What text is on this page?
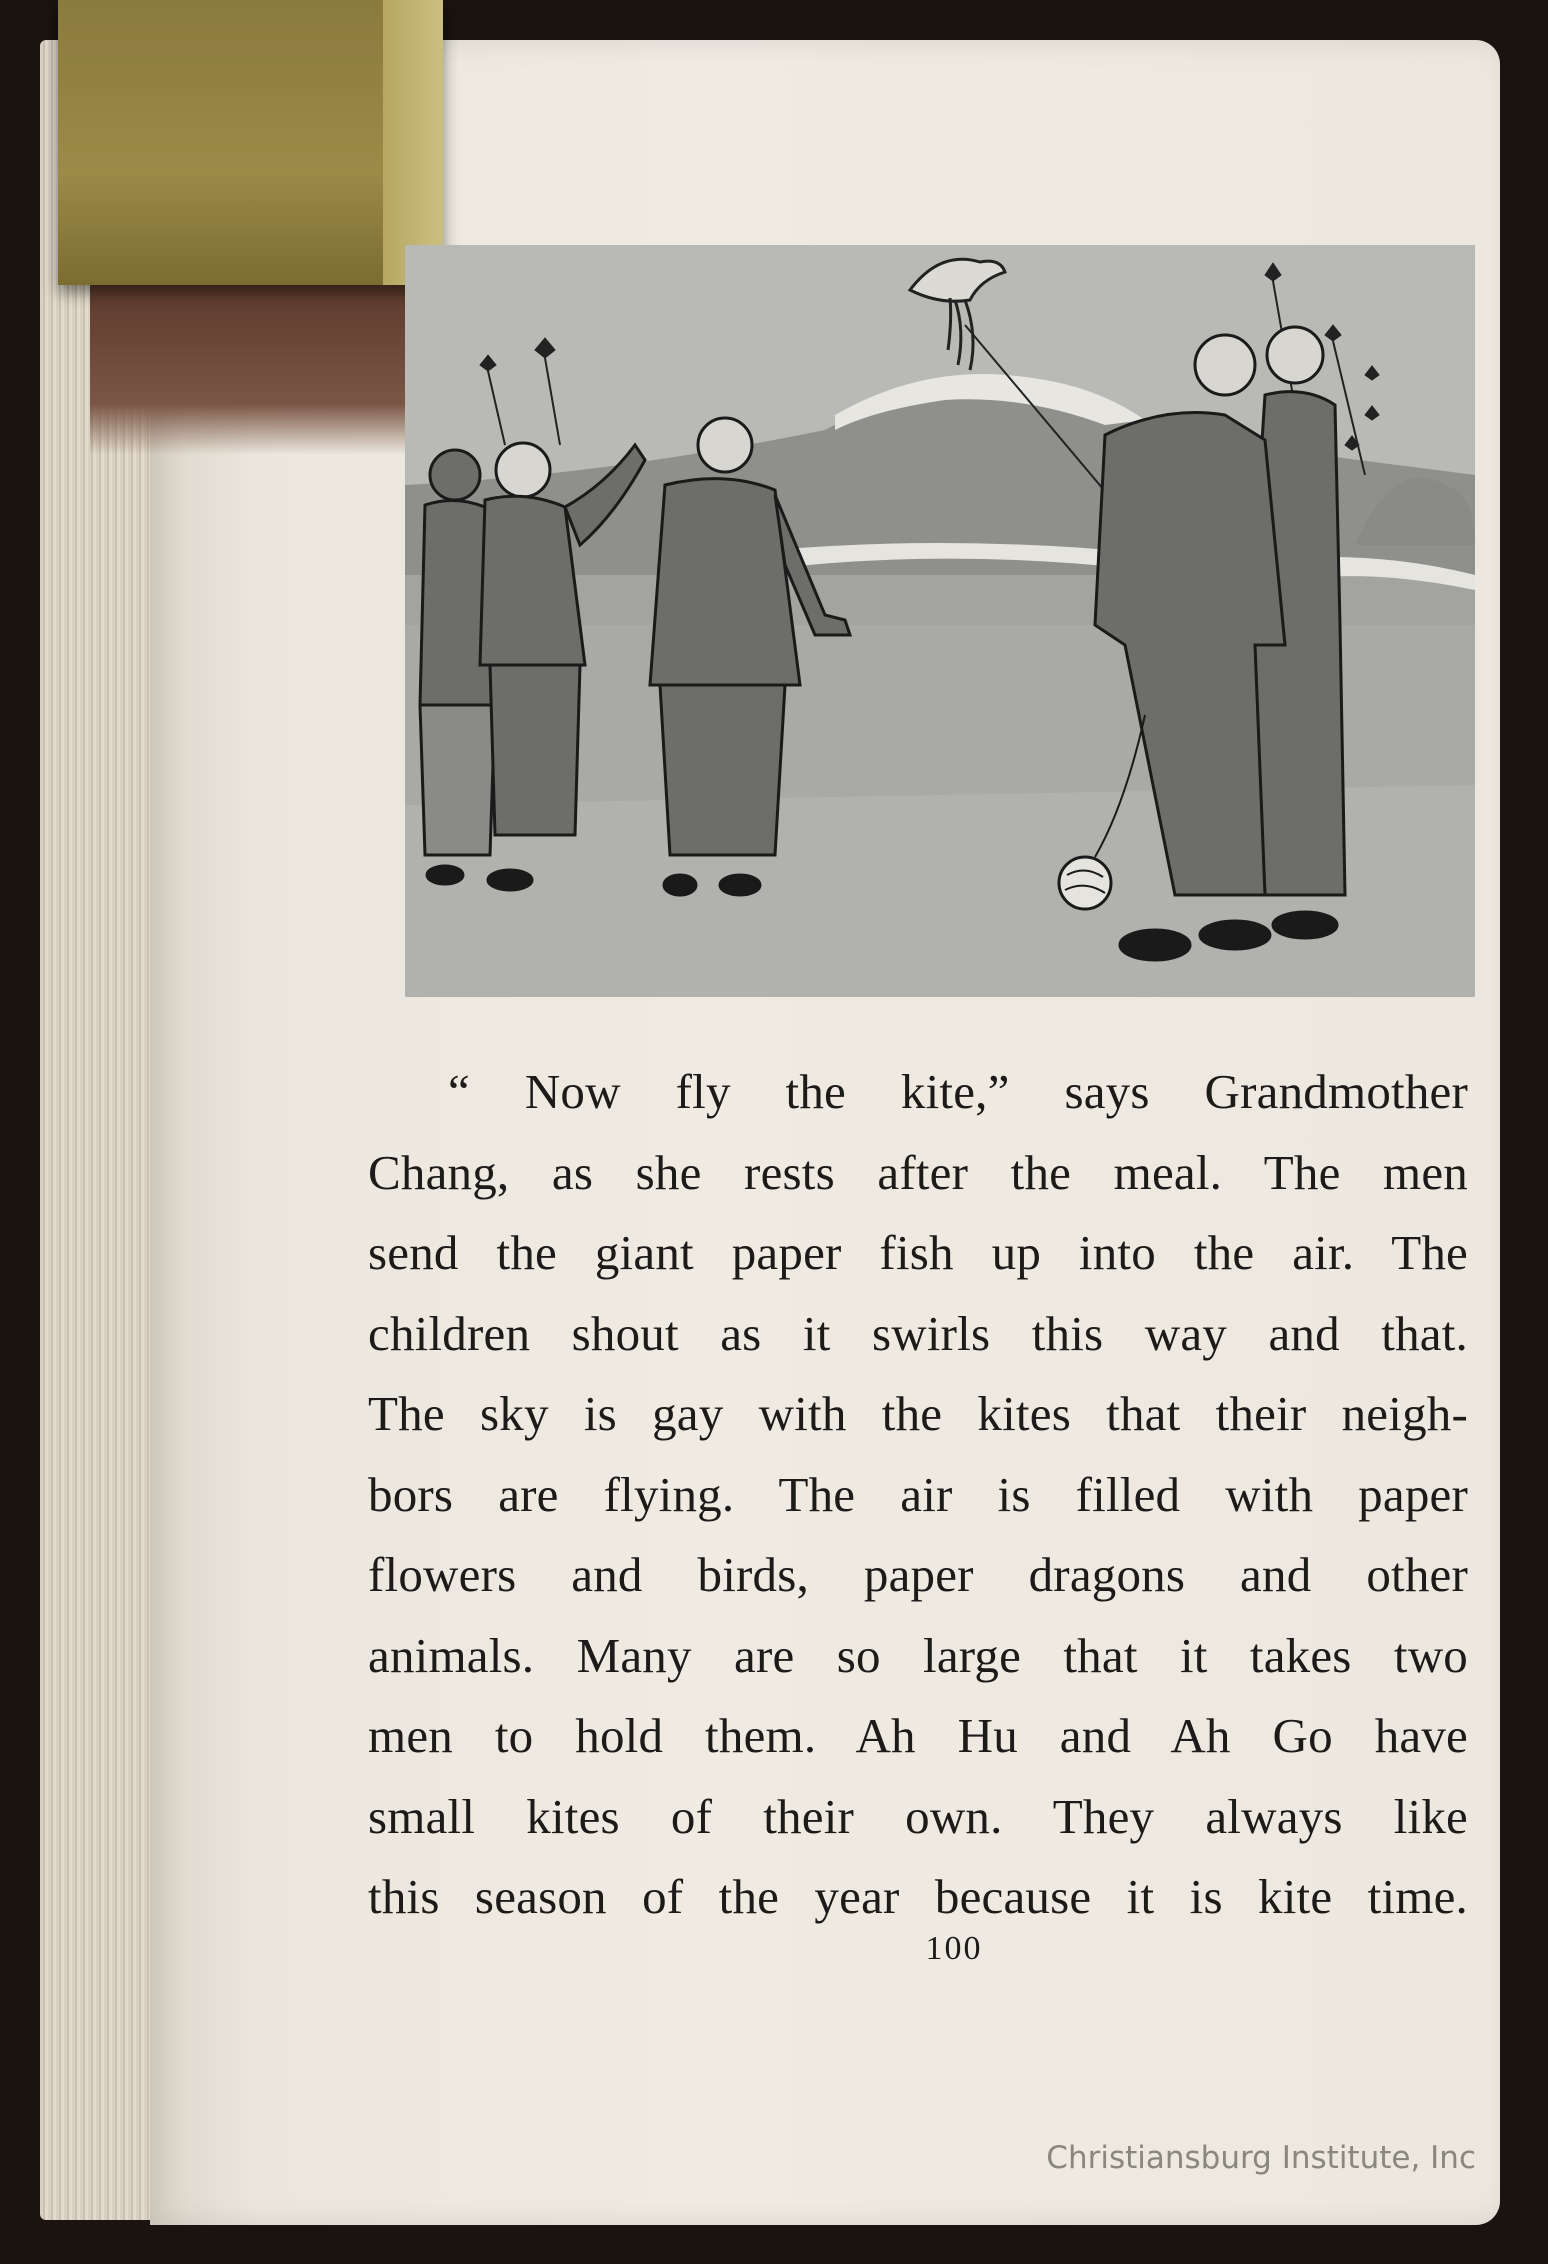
“ Now fly the kite,” says Grandmother
Chang, as she rests after the meal. The men
send the giant paper fish up into the air. The
children shout as it swirls this way and that.
The sky is gay with the kites that their neigh-
bors are flying. The air is filled with paper
flowers and birds, paper dragons and other
animals. Many are so large that it takes two
men to hold them. Ah Hu and Ah Go have
small kites of their own. They always like
this season of the year because it is kite time.
100
Christiansburg Institute, Inc
